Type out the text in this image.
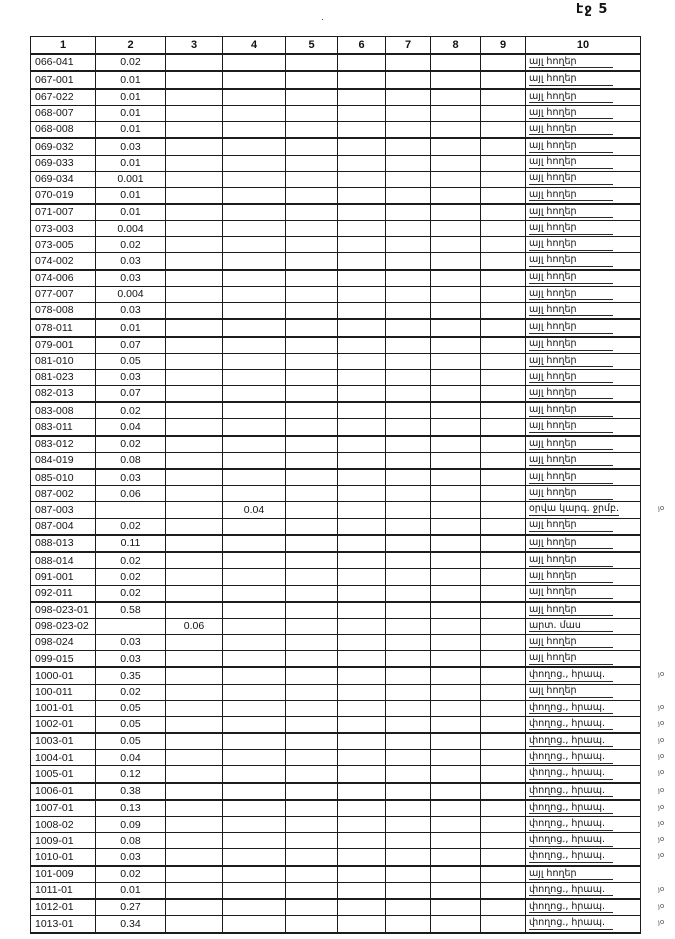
էջ 5
·
1	2	3	4	5	6	7	8	9	10
066-041	0.02								այլ հողեր
067-001	0.01								այլ հողեր
067-022	0.01								այլ հողեր
068-007	0.01								այլ հողեր
068-008	0.01								այլ հողեր
069-032	0.03								այլ հողեր
069-033	0.01								այլ հողեր
069-034	0.001								այլ հողեր
070-019	0.01								այլ հողեր
071-007	0.01								այլ հողեր
073-003	0.004								այլ հողեր
073-005	0.02								այլ հողեր
074-002	0.03								այլ հողեր
074-006	0.03								այլ հողեր
077-007	0.004								այլ հողեր
078-008	0.03								այլ հողեր
078-011	0.01								այլ հողեր
079-001	0.07								այլ հողեր
081-010	0.05								այլ հողեր
081-023	0.03								այլ հողեր
082-013	0.07								այլ հողեր
083-008	0.02								այլ հողեր
083-011	0.04								այլ հողեր
083-012	0.02								այլ հողեր
084-019	0.08								այլ հողեր
085-010	0.03								այլ հողեր
087-002	0.06								այլ հողեր
087-003			0.04						օրվա կարգ. ջրմբ. յօ

087-004	0.02								այլ հողեր
088-013	0.11								այլ հողեր
088-014	0.02								այլ հողեր
091-001	0.02								այլ հողեր
092-011	0.02								այլ հողեր
098-023-01	0.58								այլ հողեր
098-023-02		0.06							արտ. մաս
098-024	0.03								այլ հողեր
099-015	0.03								այլ հողեր
1000-01	0.35								փողոց., հրապ. յօ

100-011	0.02								այլ հողեր
1001-01	0.05								փողոց., հրապ. յօ

1002-01	0.05								փողոց., հրապ. յօ

1003-01	0.05								փողոց., հրապ. յօ

1004-01	0.04								փողոց., հրապ. յօ

1005-01	0.12								փողոց., հրապ. յօ

1006-01	0.38								փողոց., հրապ. յօ

1007-01	0.13								փողոց., հրապ. յօ

1008-02	0.09								փողոց., հրապ. յօ

1009-01	0.08								փողոց., հրապ. յօ

1010-01	0.03								փողոց., հրապ. յօ

101-009	0.02								այլ հողեր
1011-01	0.01								փողոց., հրապ. յօ

1012-01	0.27								փողոց., հրապ. յօ

1013-01	0.34								փողոց., հրապ. յօ
